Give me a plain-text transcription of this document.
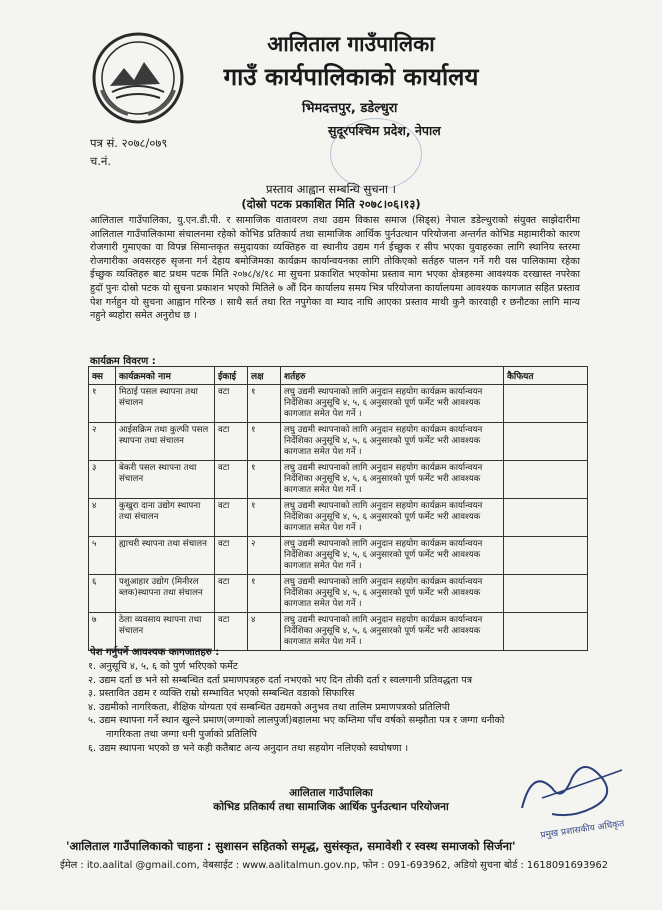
आलिताल गाउँपालिका
गाउँ कार्यपालिकाको कार्यालय
भिमदत्तपुर, डडेल्धुरा
सुदूरपश्चिम प्रदेश, नेपाल
पत्र सं. २०७८/०७९
च.नं.
प्रस्ताव आह्वान सम्बन्धि सुचना ।
(दोस्रो पटक प्रकाशित मिति २०७८।०६।१३)
आलिताल गाउँपालिका, यु.एन.डी.पी. र सामाजिक वातावरण तथा उद्यम विकास समाज (सिड्स) नेपाल डडेल्धुराको संयुक्त साझेदारीमा आलिताल गाउँपालिकामा संचालनमा रहेको कोभिड प्रतिकार्य तथा सामाजिक आर्थिक पुर्नउत्थान परियोजना अन्तर्गत कोभिड महामारीको कारण रोजगारी गुमाएका वा विपन्न सिमान्तकृत समुदायका व्यक्तिहरु वा स्थानीय उद्यम गर्न ईच्छुक र सीप भएका युवाहरुका लागि स्थानिय स्तरमा रोजगारीका अवसरहरु सृजना गर्न देहाय बमोजिमका कार्यक्रम कार्यान्वयनका लागि तोकिएको सर्तहरु पालन गर्ने गरी यस पालिकामा रहेका ईच्छुक व्यक्तिहरु बाट प्रथम पटक मिति २०७८/४/१८ मा सुचना प्रकाशित भएकोमा प्रस्ताव माग भएका क्षेत्रहरुमा आवश्यक दरखास्त नपरेका हुदॉ पुनः दोस्रो पटक यो सुचना प्रकाशन भएको मितिले ७ औं दिन कार्यालय समय भित्र परियोजना कार्यालयमा आवश्यक कागजात सहित प्रस्ताव पेश गर्नहुन यो सुचना आह्वान गरिन्छ । साथै सर्त तथा रित नपुगेका वा म्याद नाघि आएका प्रस्ताव माथी कुनै कारवाही र छनौटका लागि मान्य नहुने ब्यहोरा समेत अनुरोध छ ।
कार्यक्रम विवरण :
क्स	कार्यक्रमको नाम	ईकाई	लक्ष	शर्तहरु	कैफियत
१	मिठाई पसल स्थापना तथा संचालन	वटा	१	लघु उद्यमी स्थापनाको लागि अनुदान सहयोग कार्यक्रम कार्यान्वयन निर्देशिका अनुसूचि ४, ५, ६ अनुसारको पूर्ण फर्मेट भरी आवश्यक कागजात समेत पेश गर्ने ।	
२	आईसक्रिम तथा कुल्फी पसल स्थापना तथा संचालन	वटा	१	लघु उद्यमी स्थापनाको लागि अनुदान सहयोग कार्यक्रम कार्यान्वयन निर्देशिका अनुसूचि ४, ५, ६ अनुसारको पूर्ण फर्मेट भरी आवश्यक कागजात समेत पेश गर्ने ।	
३	बेकरी पसल स्थापना तथा संचालन	वटा	१	लघु उद्यमी स्थापनाको लागि अनुदान सहयोग कार्यक्रम कार्यान्वयन निर्देशिका अनुसूचि ४, ५, ६ अनुसारको पूर्ण फर्मेट भरी आवश्यक कागजात समेत पेश गर्ने ।	
४	कुखुरा दाना उद्योग स्थापना तथा संचालन	वटा	१	लघु उद्यमी स्थापनाको लागि अनुदान सहयोग कार्यक्रम कार्यान्वयन निर्देशिका अनुसूचि ४, ५, ६ अनुसारको पूर्ण फर्मेट भरी आवश्यक कागजात समेत पेश गर्ने ।	
५	ह्याचरी स्थापना तथा संचालन	वटा	२	लघु उद्यमी स्थापनाको लागि अनुदान सहयोग कार्यक्रम कार्यान्वयन निर्देशिका अनुसूचि ४, ५, ६ अनुसारको पूर्ण फर्मेट भरी आवश्यक कागजात समेत पेश गर्ने ।	
६	पशुआहार उद्योग (मिनीरल ब्लक)स्थापना तथा संचालन	वटा	१	लघु उद्यमी स्थापनाको लागि अनुदान सहयोग कार्यक्रम कार्यान्वयन निर्देशिका अनुसूचि ४, ५, ६ अनुसारको पूर्ण फर्मेट भरी आवश्यक कागजात समेत पेश गर्ने ।	
७	ठेला व्यवसाय स्थापना तथा संचालन	वटा	४	लघु उद्यमी स्थापनाको लागि अनुदान सहयोग कार्यक्रम कार्यान्वयन निर्देशिका अनुसूचि ४, ५, ६ अनुसारको पूर्ण फर्मेट भरी आवश्यक कागजात समेत पेश गर्ने ।	
पेश गर्नुपर्ने आवश्यक कागजातहरु :
१. अनुसूचि ४, ५, ६ को पुर्ण भरिएको फर्मेट
२. उद्यम दर्ता छ भने सो सम्बन्धित दर्ता प्रमाणपत्रहरु दर्ता नभएको भए दिन तोकी दर्ता र स्वलगानी प्रतिवद्धता पत्र
३. प्रस्तावित उद्यम र व्यक्ति राम्रो सम्भावित भएको सम्बन्धित वडाको सिफारिस
४. उद्यमीको नागरिकता, शैक्षिक योग्यता एवं सम्बन्धित उद्यमको अनुभव तथा तालिम प्रमाणपत्रको प्रतिलिपी
५. उद्यम स्थापना गर्ने स्थान खुल्ने प्रमाण(जग्गाको लालपुर्जा)बहालमा भए कम्तिमा पाँच वर्षको सम्झौता पत्र र जग्गा धनीको
नागरिकता तथा जग्गा धनी पुर्जाको प्रतिलिपि
६. उद्यम स्थापना भएको छ भने कही कतैबाट अन्य अनुदान तथा सहयोग नलिएको स्वघोषणा ।
आलिताल गाउँपालिका
कोभिड प्रतिकार्य तथा सामाजिक आर्थिक पुर्नउत्थान परियोजना
प्रमुख प्रशासकीय अधिकृत
'आलिताल गाउँपालिकाको चाहना : सुशासन सहितको समृद्ध, सुसंस्कृत, समावेशी र स्वस्थ समाजको सिर्जना'
ईमेल : ito.aalital @gmail.com, वेबसाईट : www.aalitalmun.gov.np, फोन : 091-693962, अडियो सुचना बोर्ड : 1618091693962
